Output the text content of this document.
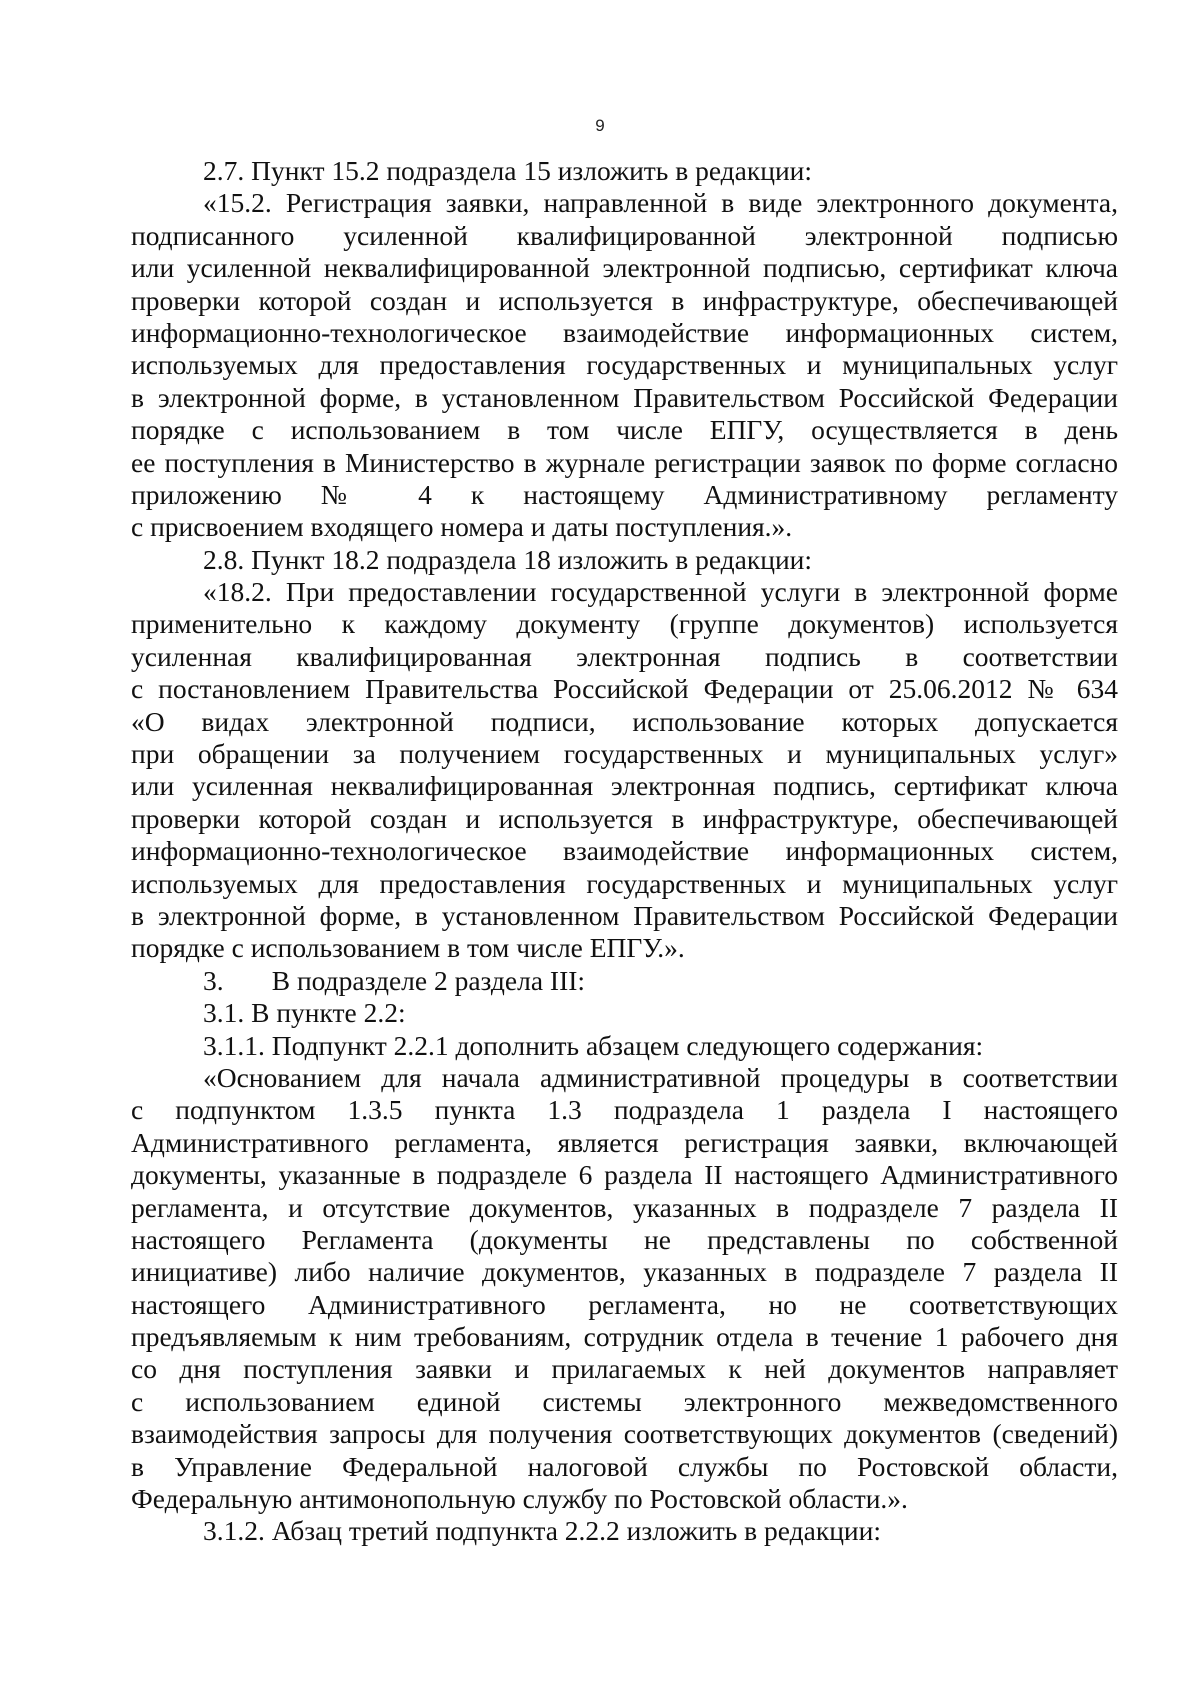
9
2.7. Пункт 15.2 подраздела 15 изложить в редакции:
«15.2. Регистрация заявки, направленной в виде электронного документа,
подписанного усиленной квалифицированной электронной подписью
или усиленной неквалифицированной электронной подписью, сертификат ключа
проверки которой создан и используется в инфраструктуре, обеспечивающей
информационно-технологическое взаимодействие информационных систем,
используемых для предоставления государственных и муниципальных услуг
в электронной форме, в установленном Правительством Российской Федерации
порядке с использованием в том числе ЕПГУ, осуществляется в день
ее поступления в Министерство в журнале регистрации заявок по форме согласно
приложению № 4 к настоящему Административному регламенту
с присвоением входящего номера и даты поступления.».
2.8. Пункт 18.2 подраздела 18 изложить в редакции:
«18.2. При предоставлении государственной услуги в электронной форме
применительно к каждому документу (группе документов) используется
усиленная квалифицированная электронная подпись в соответствии
с постановлением Правительства Российской Федерации от 25.06.2012 № 634
«О видах электронной подписи, использование которых допускается
при обращении за получением государственных и муниципальных услуг»
или усиленная неквалифицированная электронная подпись, сертификат ключа
проверки которой создан и используется в инфраструктуре, обеспечивающей
информационно-технологическое взаимодействие информационных систем,
используемых для предоставления государственных и муниципальных услуг
в электронной форме, в установленном Правительством Российской Федерации
порядке с использованием в том числе ЕПГУ.».
3.       В подразделе 2 раздела III:
3.1. В пункте 2.2:
3.1.1. Подпункт 2.2.1 дополнить абзацем следующего содержания:
«Основанием для начала административной процедуры в соответствии
с подпунктом 1.3.5 пункта 1.3 подраздела 1 раздела I настоящего
Административного регламента, является регистрация заявки, включающей
документы, указанные в подразделе 6 раздела II настоящего Административного
регламента, и отсутствие документов, указанных в подразделе 7 раздела II
настоящего Регламента (документы не представлены по собственной
инициативе) либо наличие документов, указанных в подразделе 7 раздела II
настоящего Административного регламента, но не соответствующих
предъявляемым к ним требованиям, сотрудник отдела в течение 1 рабочего дня
со дня поступления заявки и прилагаемых к ней документов направляет
с использованием единой системы электронного межведомственного
взаимодействия запросы для получения соответствующих документов (сведений)
в Управление Федеральной налоговой службы по Ростовской области,
Федеральную антимонопольную службу по Ростовской области.».
3.1.2. Абзац третий подпункта 2.2.2 изложить в редакции:
